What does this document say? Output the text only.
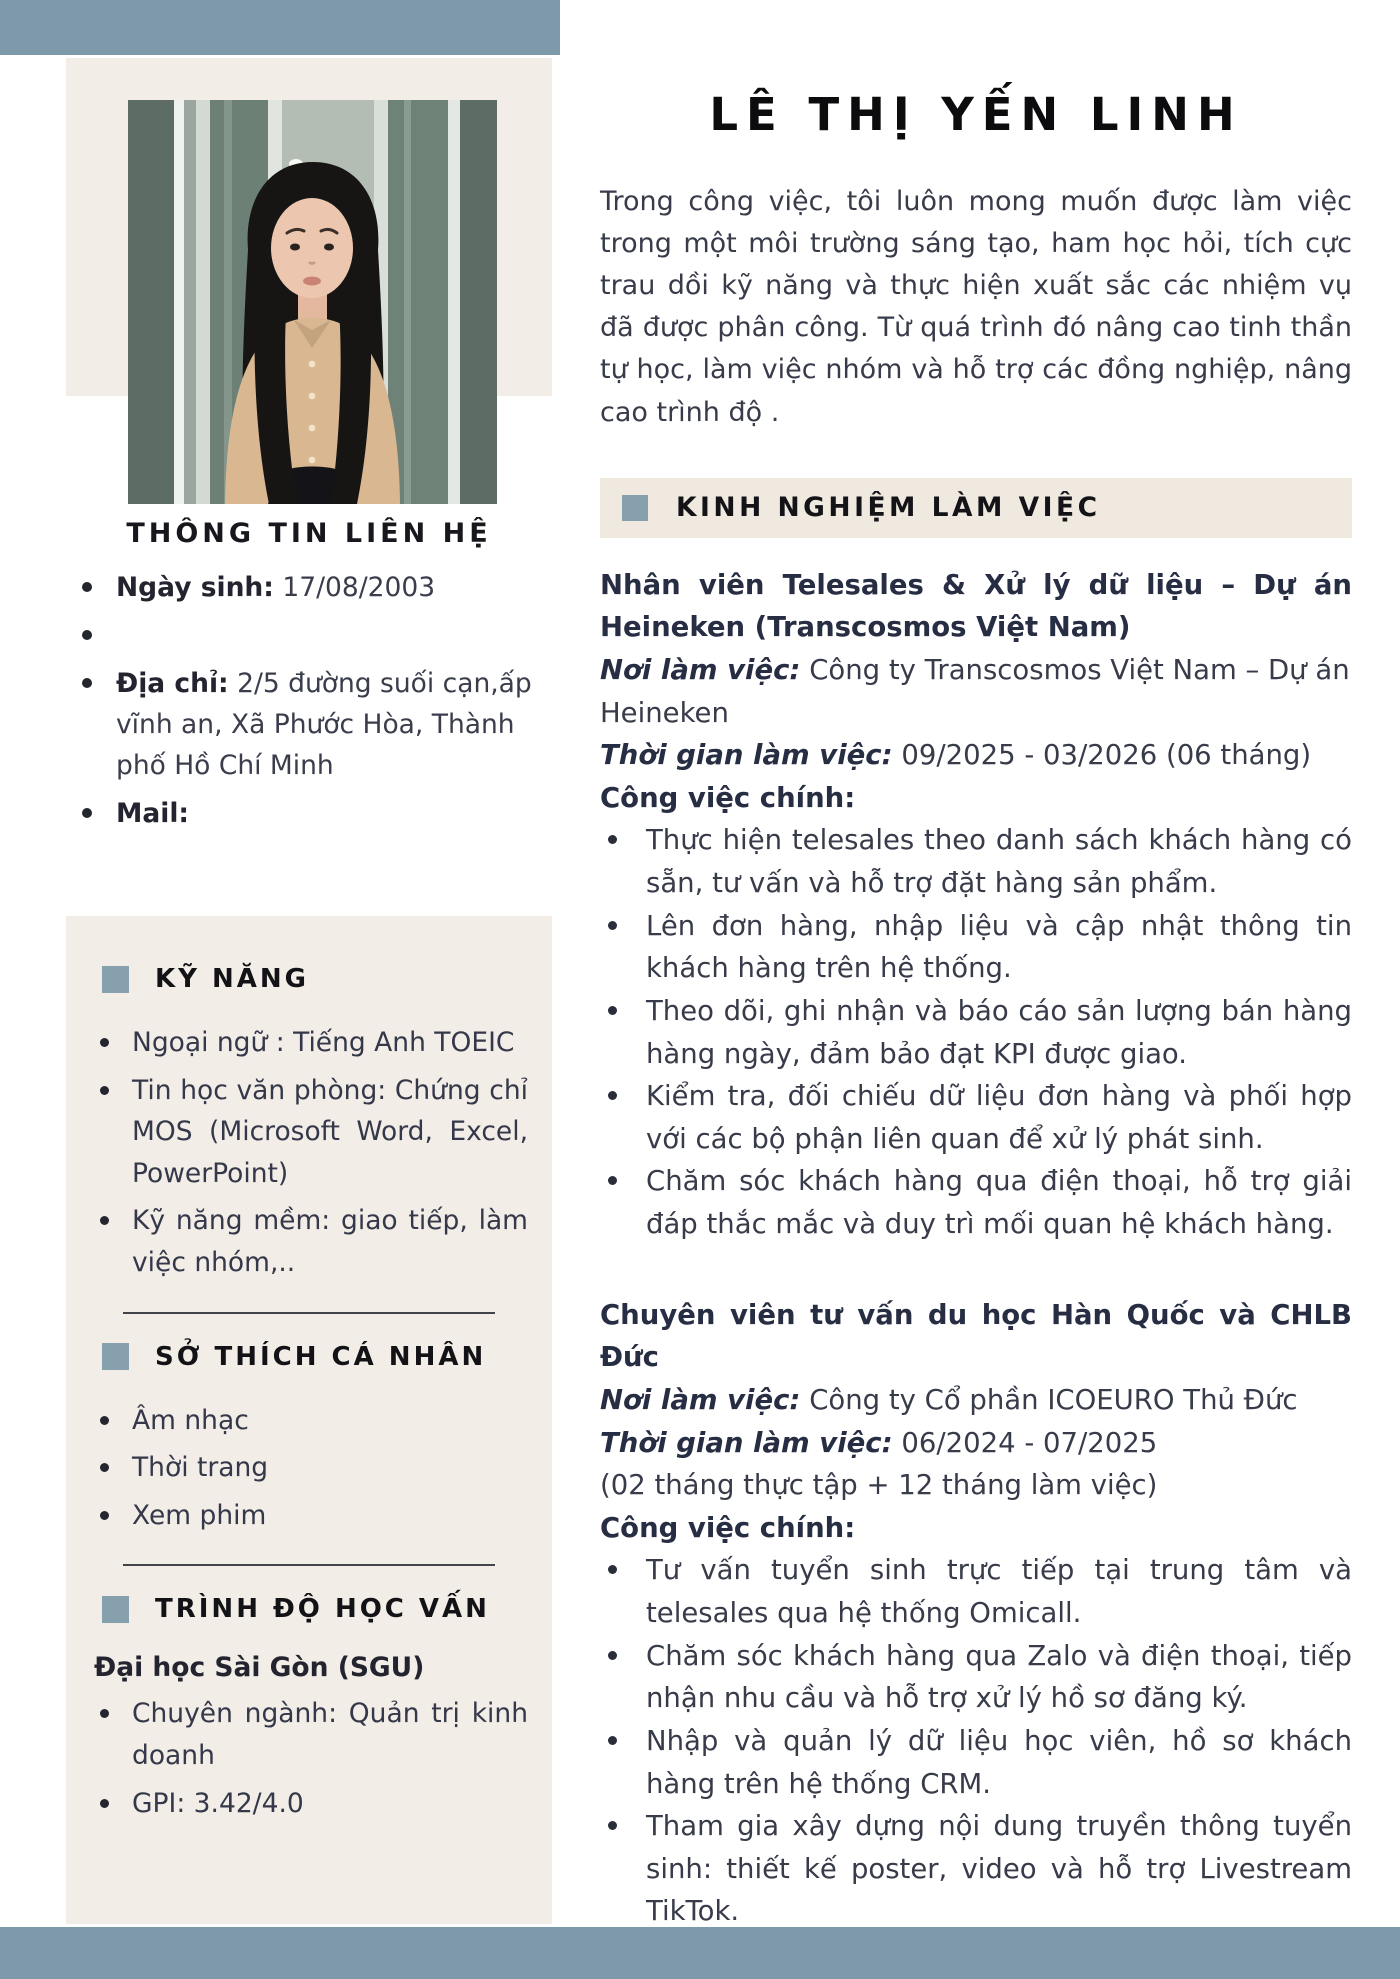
THÔNG TIN LIÊN HỆ
Ngày sinh: 17/08/2003
Địa chỉ: 2/5 đường suối cạn,ấp vĩnh an, Xã Phước Hòa, Thành phố Hồ Chí Minh
Mail:
KỸ NĂNG
Ngoại ngữ : Tiếng Anh TOEIC
Tin học văn phòng: Chứng chỉ MOS (Microsoft Word, Excel, PowerPoint)
Kỹ năng mềm: giao tiếp, làm việc nhóm,..
SỞ THÍCH CÁ NHÂN
Âm nhạc
Thời trang
Xem phim
TRÌNH ĐỘ HỌC VẤN

Đại học Sài Gòn (SGU)

Chuyên ngành: Quản trị kinh doanh
GPI: 3.42/4.0
LÊ THỊ YẾN LINH

Trong công việc, tôi luôn mong muốn được làm việc trong một môi trường sáng tạo, ham học hỏi, tích cực trau dồi kỹ năng và thực hiện xuất sắc các nhiệm vụ đã được phân công. Từ quá trình đó nâng cao tinh thần tự học, làm việc nhóm và hỗ trợ các đồng nghiệp, nâng cao trình độ .

KINH NGHIỆM LÀM VIỆC
Nhân viên Telesales & Xử lý dữ liệu – Dự án Heineken (Transcosmos Việt Nam)

Nơi làm việc: Công ty Transcosmos Việt Nam – Dự án Heineken

Thời gian làm việc: 09/2025 - 03/2026 (06 tháng)

Công việc chính:

Thực hiện telesales theo danh sách khách hàng có sẵn, tư vấn và hỗ trợ đặt hàng sản phẩm.
Lên đơn hàng, nhập liệu và cập nhật thông tin khách hàng trên hệ thống.
Theo dõi, ghi nhận và báo cáo sản lượng bán hàng hàng ngày, đảm bảo đạt KPI được giao.
Kiểm tra, đối chiếu dữ liệu đơn hàng và phối hợp với các bộ phận liên quan để xử lý phát sinh.
Chăm sóc khách hàng qua điện thoại, hỗ trợ giải đáp thắc mắc và duy trì mối quan hệ khách hàng.
Chuyên viên tư vấn du học Hàn Quốc và CHLB Đức

Nơi làm việc: Công ty Cổ phần ICOEURO Thủ Đức

Thời gian làm việc: 06/2024 - 07/2025

(02 tháng thực tập + 12 tháng làm việc)

Công việc chính:

Tư vấn tuyển sinh trực tiếp tại trung tâm và telesales qua hệ thống Omicall.
Chăm sóc khách hàng qua Zalo và điện thoại, tiếp nhận nhu cầu và hỗ trợ xử lý hồ sơ đăng ký.
Nhập và quản lý dữ liệu học viên, hồ sơ khách hàng trên hệ thống CRM.
Tham gia xây dựng nội dung truyền thông tuyển sinh: thiết kế poster, video và hỗ trợ Livestream TikTok.
